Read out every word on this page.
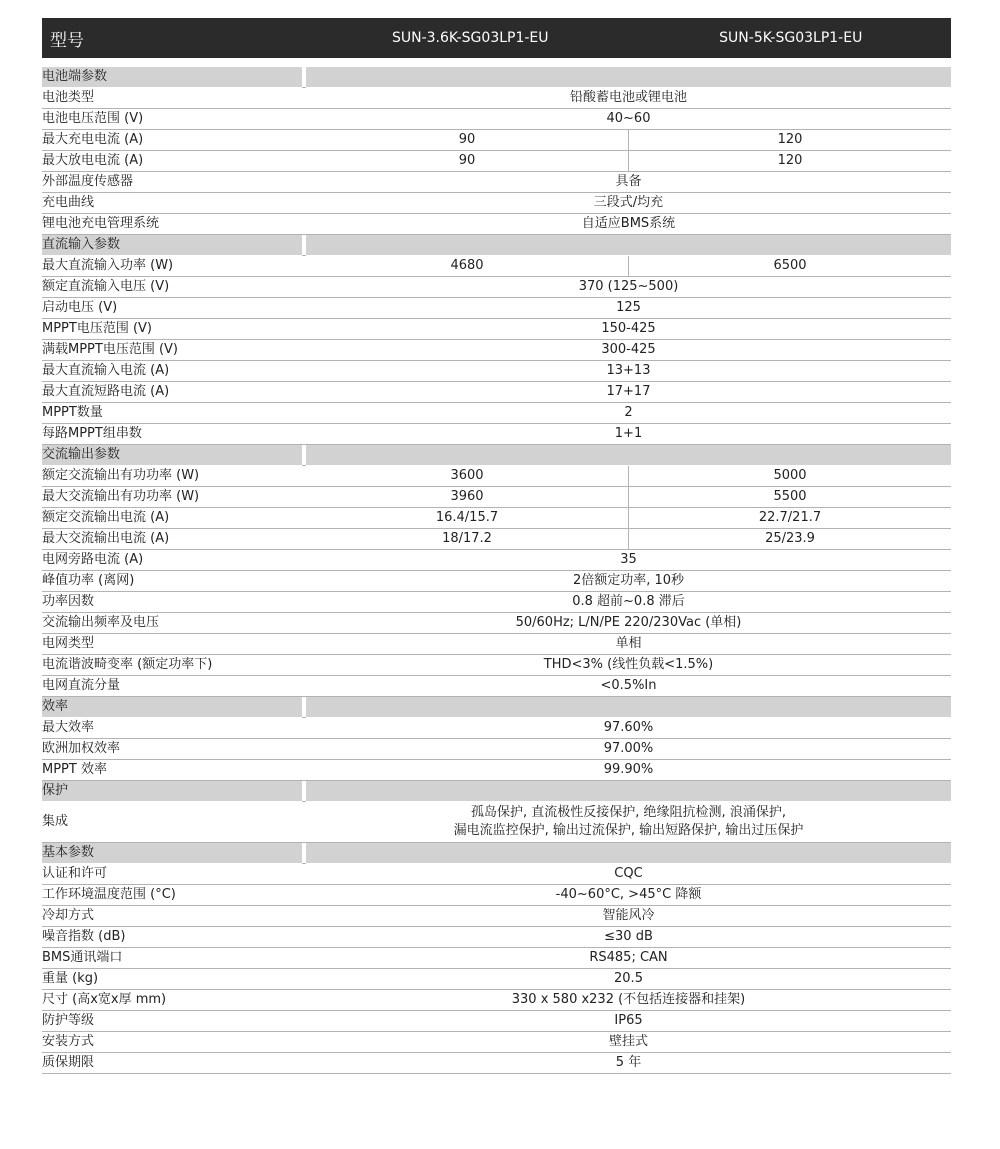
型号	SUN-3.6K-SG03LP1-EU	SUN-5K-SG03LP1-EU
电池端参数			
电池类型		铅酸蓄电池或锂电池	
电池电压范围 (V)		40~60	
最大充电电流 (A)		90	120
最大放电电流 (A)		90	120
外部温度传感器		具备	
充电曲线		三段式/均充	
锂电池充电管理系统		自适应BMS系统	
直流输入参数			
最大直流输入功率 (W)		4680	6500
额定直流输入电压 (V)		370 (125~500)	
启动电压 (V)		125	
MPPT电压范围 (V)		150-425	
满载MPPT电压范围 (V)		300-425	
最大直流输入电流 (A)		13+13	
最大直流短路电流 (A)		17+17	
MPPT数量		2	
每路MPPT组串数		1+1	
交流输出参数			
额定交流输出有功功率 (W)		3600	5000
最大交流输出有功功率 (W)		3960	5500
额定交流输出电流 (A)		16.4/15.7	22.7/21.7
最大交流输出电流 (A)		18/17.2	25/23.9
电网旁路电流 (A)		35	
峰值功率 (离网)		2倍额定功率, 10秒	
功率因数		0.8 超前~0.8 滞后	
交流输出频率及电压		50/60Hz; L/N/PE 220/230Vac (单相)	
电网类型		单相	
电流谐波畸变率 (额定功率下)		THD<3% (线性负载<1.5%)	
电网直流分量		<0.5%In	
效率			
最大效率		97.60%	
欧洲加权效率		97.00%	
MPPT 效率		99.90%	
保护			
集成		孤岛保护, 直流极性反接保护, 绝缘阻抗检测, 浪涌保护,
漏电流监控保护, 输出过流保护, 输出短路保护, 输出过压保护	

基本参数			
认证和许可		CQC	
工作环境温度范围 (°C)		-40~60°C, >45°C 降额	
冷却方式		智能风冷	
噪音指数 (dB)		≤30 dB	
BMS通讯端口		RS485; CAN	
重量 (kg)		20.5	
尺寸 (高x宽x厚 mm)		330 x 580 x232 (不包括连接器和挂架)	
防护等级		IP65	
安装方式		壁挂式	
质保期限		5 年	
